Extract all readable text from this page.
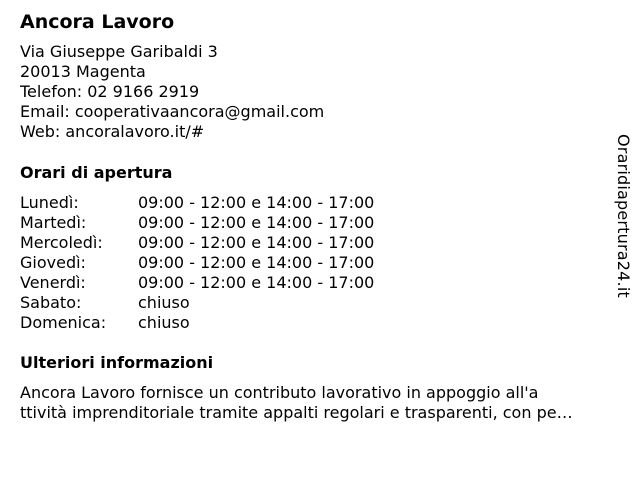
Ancora Lavoro
Via Giuseppe Garibaldi 3
20013 Magenta
Telefon: 02 9166 2919
Email: cooperativaancora@gmail.com
Web: ancoralavoro.it/#
Orari di apertura
Lunedì:	09:00 - 12:00 e 14:00 - 17:00
Martedì:	09:00 - 12:00 e 14:00 - 17:00
Mercoledì:	09:00 - 12:00 e 14:00 - 17:00
Giovedì:	09:00 - 12:00 e 14:00 - 17:00
Venerdì:	09:00 - 12:00 e 14:00 - 17:00
Sabato:	chiuso
Domenica:	chiuso
Ulteriori informazioni
Ancora Lavoro fornisce un contributo lavorativo in appoggio all'a
ttività imprenditoriale tramite appalti regolari e trasparenti, con pe…
Oraridiapertura24.it
